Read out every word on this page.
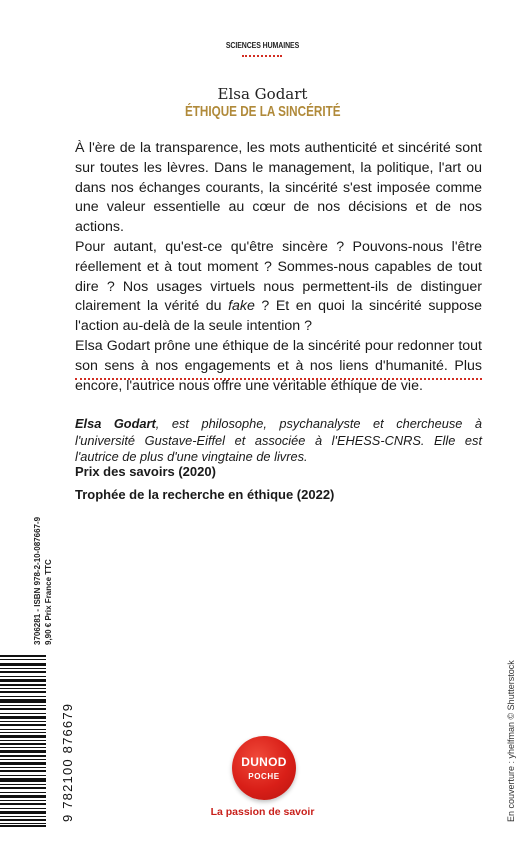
SCIENCES HUMAINES
Elsa Godart
ÉTHIQUE DE LA SINCÉRITÉ

À l'ère de la transparence, les mots authenticité et sincérité sont sur toutes les lèvres. Dans le management, la politique, l'art ou dans nos échanges courants, la sincérité s'est imposée comme une valeur essentielle au cœur de nos décisions et de nos actions.

Pour autant, qu'est-ce qu'être sincère ? Pouvons-nous l'être réellement et à tout moment ? Sommes-nous capables de tout dire ? Nos usages virtuels nous permettent-ils de distinguer clairement la vérité du fake ? Et en quoi la sincérité suppose l'action au-delà de la seule intention ?

Elsa Godart prône une éthique de la sincérité pour redonner tout son sens à nos engagements et à nos liens d'humanité. Plus encore, l'autrice nous offre une véritable éthique de vie.

Elsa Godart, est philosophe, psychanalyste et chercheuse à l'université Gustave-Eiffel et associée à l'EHESS-CNRS. Elle est l'autrice de plus d'une vingtaine de livres.
Prix des savoirs (2020)
Trophée de la recherche en éthique (2022)
3706281 - ISBN 978-2-10-087667-9 9,90 € Prix France TTC
9 782100 876679	En couverture : yhelfman © Shutterstock
DUNOD
POCHE
La passion de savoir
